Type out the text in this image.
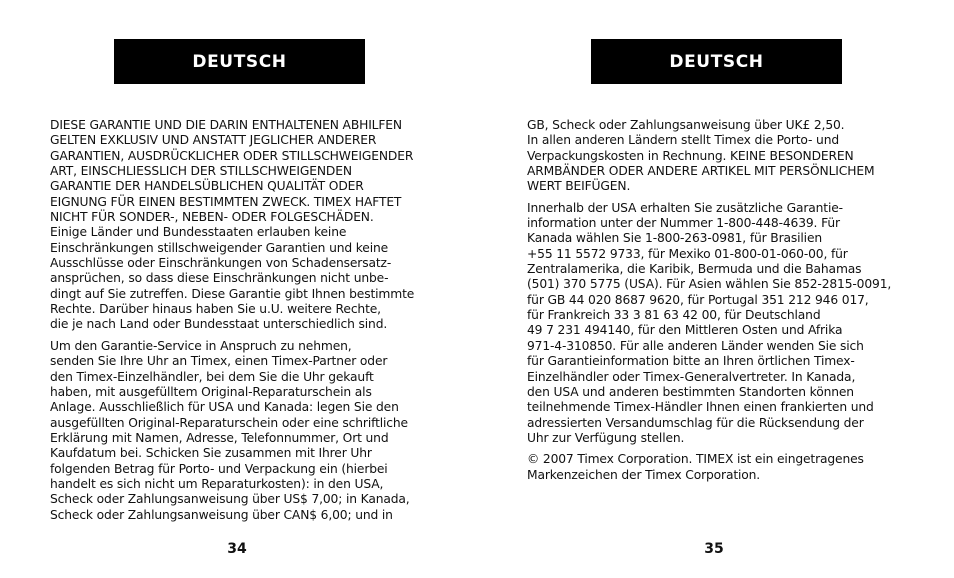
DEUTSCH

DIESE GARANTIE UND DIE DARIN ENTHALTENEN ABHILFEN
GELTEN EXKLUSIV UND ANSTATT JEGLICHER ANDERER
GARANTIEN, AUSDRÜCKLICHER ODER STILLSCHWEIGENDER
ART, EINSCHLIESSLICH DER STILLSCHWEIGENDEN
GARANTIE DER HANDELSÜBLICHEN QUALITÄT ODER
EIGNUNG FÜR EINEN BESTIMMTEN ZWECK. TIMEX HAFTET
NICHT FÜR SONDER-, NEBEN- ODER FOLGESCHÄDEN.
Einige Länder und Bundesstaaten erlauben keine
Einschränkungen stillschweigender Garantien und keine
Ausschlüsse oder Einschränkungen von Schadensersatz-
ansprüchen, so dass diese Einschränkungen nicht unbe-
dingt auf Sie zutreffen. Diese Garantie gibt Ihnen bestimmte
Rechte. Darüber hinaus haben Sie u.U. weitere Rechte,
die je nach Land oder Bundesstaat unterschiedlich sind.

Um den Garantie-Service in Anspruch zu nehmen,
senden Sie Ihre Uhr an Timex, einen Timex-Partner oder
den Timex-Einzelhändler, bei dem Sie die Uhr gekauft
haben, mit ausgefülltem Original-Reparaturschein als
Anlage. Ausschließlich für USA und Kanada: legen Sie den
ausgefüllten Original-Reparaturschein oder eine schriftliche
Erklärung mit Namen, Adresse, Telefonnummer, Ort und
Kaufdatum bei. Schicken Sie zusammen mit Ihrer Uhr
folgenden Betrag für Porto- und Verpackung ein (hierbei
handelt es sich nicht um Reparaturkosten): in den USA,
Scheck oder Zahlungsanweisung über US$ 7,00; in Kanada,
Scheck oder Zahlungsanweisung über CAN$ 6,00; und in

34
DEUTSCH

GB, Scheck oder Zahlungsanweisung über UK£ 2,50.
In allen anderen Ländern stellt Timex die Porto- und
Verpackungskosten in Rechnung. KEINE BESONDEREN
ARMBÄNDER ODER ANDERE ARTIKEL MIT PERSÖNLICHEM
WERT BEIFÜGEN.

Innerhalb der USA erhalten Sie zusätzliche Garantie-
information unter der Nummer 1-800-448-4639. Für
Kanada wählen Sie 1-800-263-0981, für Brasilien
+55 11 5572 9733, für Mexiko 01-800-01-060-00, für
Zentralamerika, die Karibik, Bermuda und die Bahamas
(501) 370 5775 (USA). Für Asien wählen Sie 852-2815-0091,
für GB 44 020 8687 9620, für Portugal 351 212 946 017,
für Frankreich 33 3 81 63 42 00, für Deutschland
49 7 231 494140, für den Mittleren Osten und Afrika
971-4-310850. Für alle anderen Länder wenden Sie sich
für Garantieinformation bitte an Ihren örtlichen Timex-
Einzelhändler oder Timex-Generalvertreter. In Kanada,
den USA und anderen bestimmten Standorten können
teilnehmende Timex-Händler Ihnen einen frankierten und
adressierten Versandumschlag für die Rücksendung der
Uhr zur Verfügung stellen.

© 2007 Timex Corporation. TIMEX ist ein eingetragenes
Markenzeichen der Timex Corporation.

35
